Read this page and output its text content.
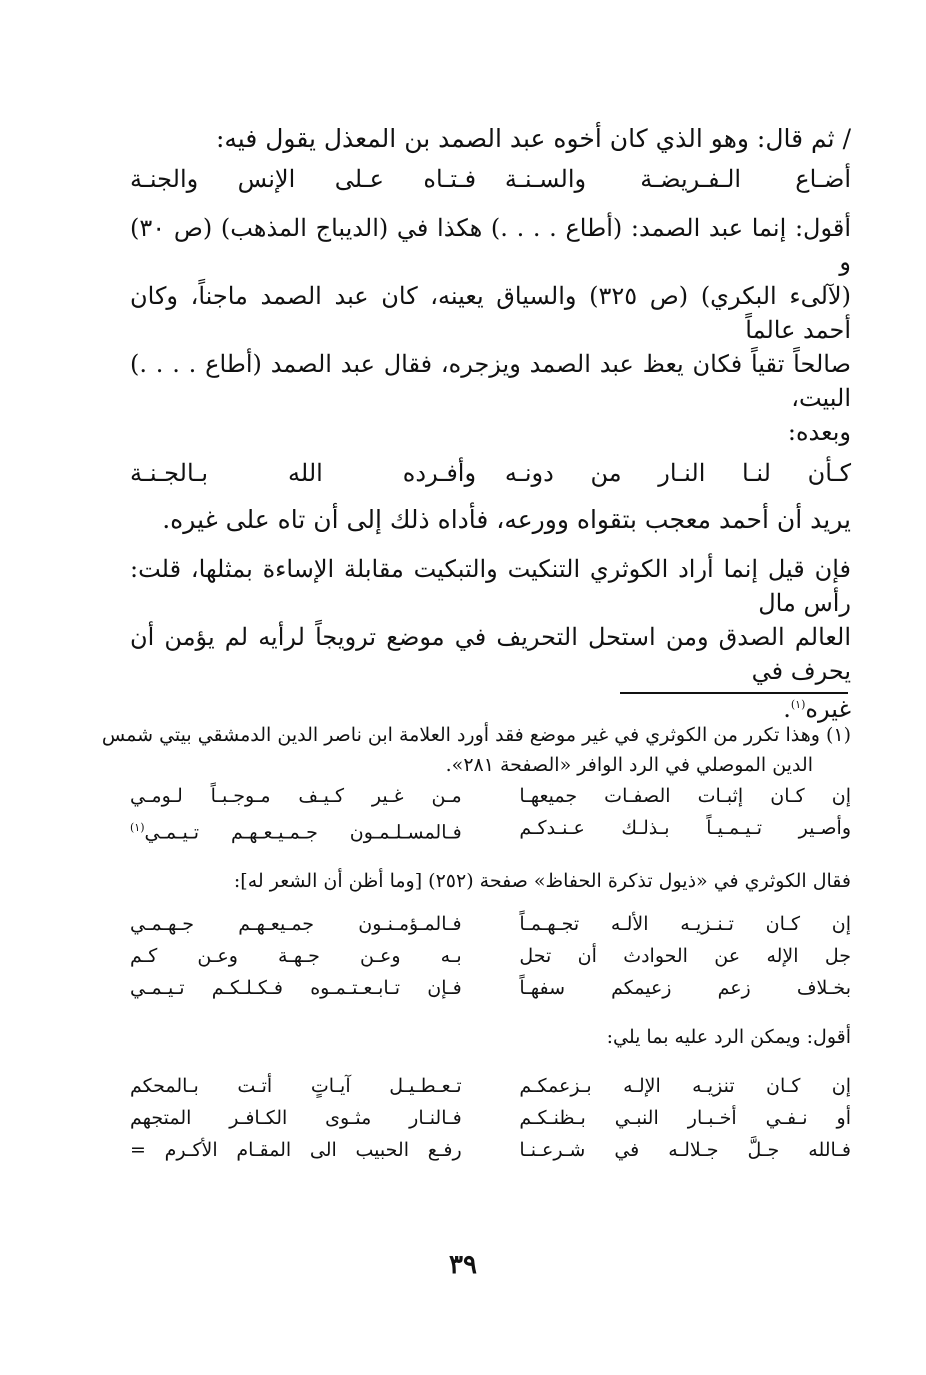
/ ثم قال: وهو الذي كان أخوه عبد الصمد بن المعذل يقول فيه:
أضـاع الـفـريضـة والسـنـة
فـتـاه عـلى الإنس والجنـة
أقول: إنما عبد الصمد: (أطاع . . . .) هكذا في (الديباج المذهب) (ص ٣٠) و
(لآلىء البكري) (ص ٣٢٥) والسياق يعينه، كان عبد الصمد ماجناً، وكان أحمد عالماً
صالحاً تقياً فكان يعظ عبد الصمد ويزجره، فقال عبد الصمد (أطاع . . . .) البيت،
وبعده:
كـأن لنـا النـار من دونـه
وأفـرده الله بـالجـنـة
يريد أن أحمد معجب بتقواه وورعه، فأداه ذلك إلى أن تاه على غيره.
فإن قيل إنما أراد الكوثري التنكيت والتبكيت مقابلة الإساءة بمثلها، قلت: رأس مال
العالم الصدق ومن استحل التحريف في موضع ترويجاً لرأيه لم يؤمن أن يحرف في
غيره$^{(١)}$.
(١) وهذا تكرر من الكوثري في غير موضع فقد أورد العلامة ابن ناصر الدين الدمشقي بيتي شمس
الدين الموصلي في الرد الوافر «الصفحة ٢٨١».
إن كـان إثبـات الصفـات جميعهـا
مـن غـير كـيـف مـوجـبـاً لـومـي
وأصـير تـيـمـيـاً بـذلـك عـنـدكـم
فـالمسـلـمـون جـمـيـعـهـم تـيـمـي$^{(١)}$
فقال الكوثري في «ذيول تذكرة الحفاظ» صفحة (٢٥٢) [وما أظن أن الشعر له]:
إن كـان تـنـزيـه الألـه تجـهـمـاً
فـالمـؤمـنـون جمـيعـهـم جـهـمـي
جل الإله عن الحوادث أن تحل
بـه وعـن جـهـة وعـن كـم
بخـلاف زعم زعيمكم سفهـاً
فـإن تـابـعـتـمـوه فـكـلـكـم تـيـمـي
أقول: ويمكن الرد عليه بما يلي:
إن كـان تنزيـه الإلـه بـزعمكـم
تـعـطـيـل آيـاتٍ أتـت بـالمحكم
أو نـفـي أخـبـار النبـي بـظنـكـم
فـالنـار مثـوى الكـافـر المتجهم
فـالله جـلَّ جـلالـه في شـرعـنـا
رفـع الحبيب الى المقـام الأكـرم =
٣٩
